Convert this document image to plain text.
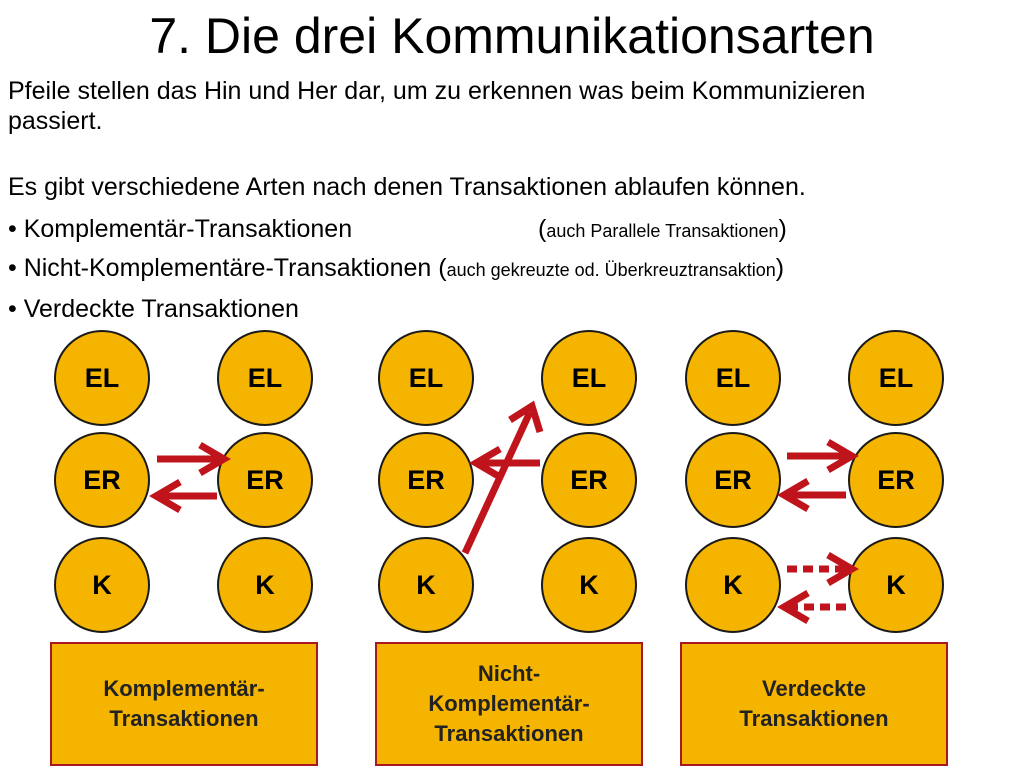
7. Die drei Kommunikationsarten
Pfeile stellen das Hin und Her dar, um zu erkennen was beim Kommunizieren passiert.
Es gibt verschiedene Arten nach denen Transaktionen ablaufen können.
• Komplementär-Transaktionen	(auch Parallele Transaktionen)
• Nicht-Komplementäre-Transaktionen (auch gekreuzte od. Überkreuztransaktion)
• Verdeckte Transaktionen
EL	EL
ER	ER
K	K
EL	EL
ER	ER
K	K
EL	EL
ER	ER
K	K
Komplementär-
Transaktionen
Nicht-
Komplementär-
Transaktionen
Verdeckte
Transaktionen
